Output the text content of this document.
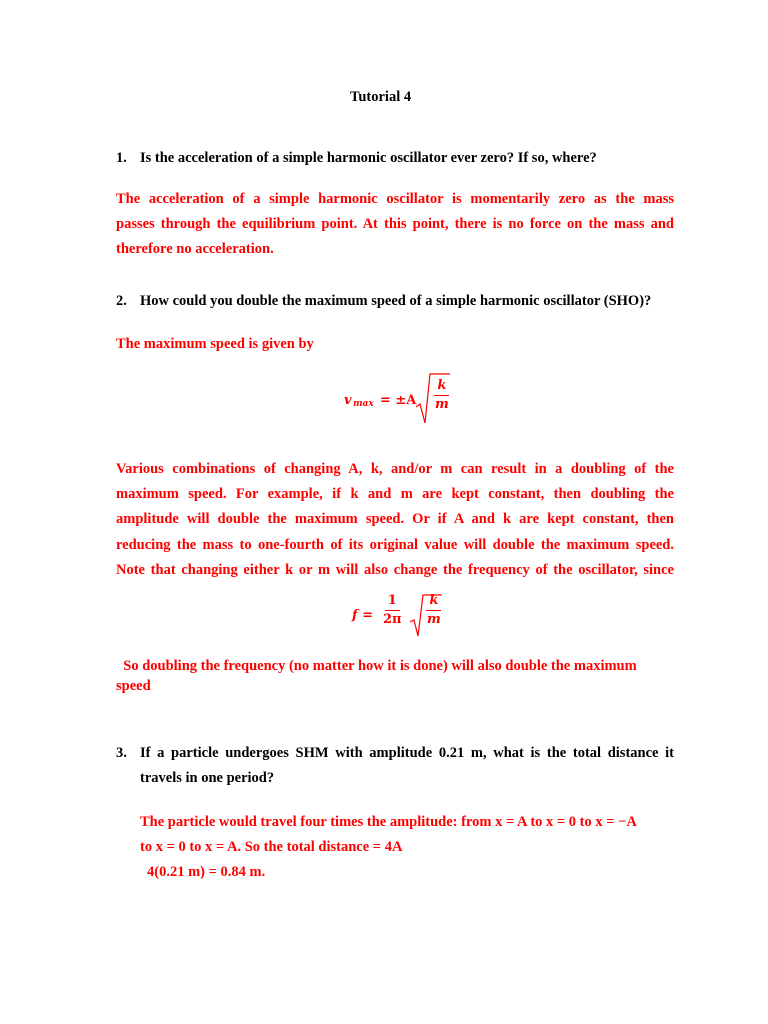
Tutorial 4
1. Is the acceleration of a simple harmonic oscillator ever zero? If so, where?
The acceleration of a simple harmonic oscillator is momentarily zero as the mass
passes through the equilibrium point. At this point, there is no force on the mass and
therefore no acceleration.
2. How could you double the maximum speed of a simple harmonic oscillator (SHO)?
The maximum speed is given by
v $\max = \pm A \frac{k}{m}$
Various combinations of changing A, k, and/or m can result in a doubling of the
maximum speed. For example, if k and m are kept constant, then doubling the
amplitude will double the maximum speed. Or if A and k are kept constant, then
reducing the mass to one-fourth of its original value will double the maximum speed.
Note that changing either k or m will also change the frequency of the oscillator, since
$f = \frac{1}{2\pi} \frac{k}{m}$
So doubling the frequency (no matter how it is done) will also double the maximum
speed
3. If a particle undergoes SHM with amplitude 0.21 m, what is the total distance it
travels in one period?
The particle would travel four times the amplitude: from x = A to x = 0 to x = −A
to x = 0 to x = A. So the total distance = 4A
4(0.21 m) = 0.84 m.
